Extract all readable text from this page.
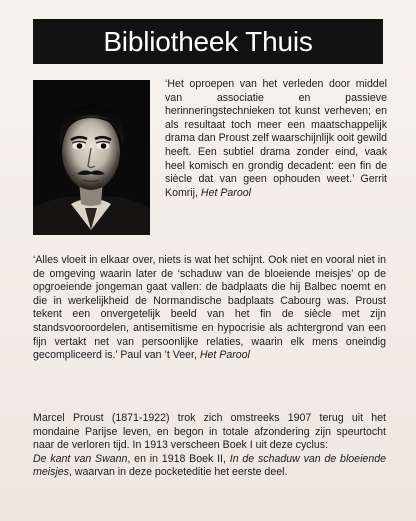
Bibliotheek Thuis

‘Het oproepen van het verleden door middel van associatie en passieve herinneringstechnieken tot kunst verheven; en als resultaat toch meer een maatschappelijk drama dan Proust zelf waarschijnlijk ooit gewild heeft. Een subtiel drama zonder eind, vaak heel komisch en grondig decadent: een fin de siècle dat van geen ophouden weet.’ Gerrit Komrij, Het Parool

‘Alles vloeit in elkaar over, niets is wat het schijnt. Ook niet en vooral niet in de omgeving waarin later de ‘schaduw van de bloeiende meisjes’ op de opgroeiende jongeman gaat vallen: de badplaats die hij Balbec noemt en die in werkelijkheid de Normandische badplaats Cabourg was. Proust tekent een onvergetelijk beeld van het fin de siècle met zijn standsvooroordelen, antisemitisme en hypocrisie als achtergrond van een fijn vertakt net van persoonlijke relaties, waarin elk mens oneindig gecompliceerd is.’ Paul van ’t Veer, Het Parool

Marcel Proust (1871-1922) trok zich omstreeks 1907 terug uit het mondaine Parijse leven, en begon in totale afzondering zijn speurtocht naar de verloren tijd. In 1913 verscheen Boek I uit deze cyclus:
De kant van Swann, en in 1918 Boek II, In de schaduw van de bloeiende meisjes, waarvan in deze pocketeditie het eerste deel.
